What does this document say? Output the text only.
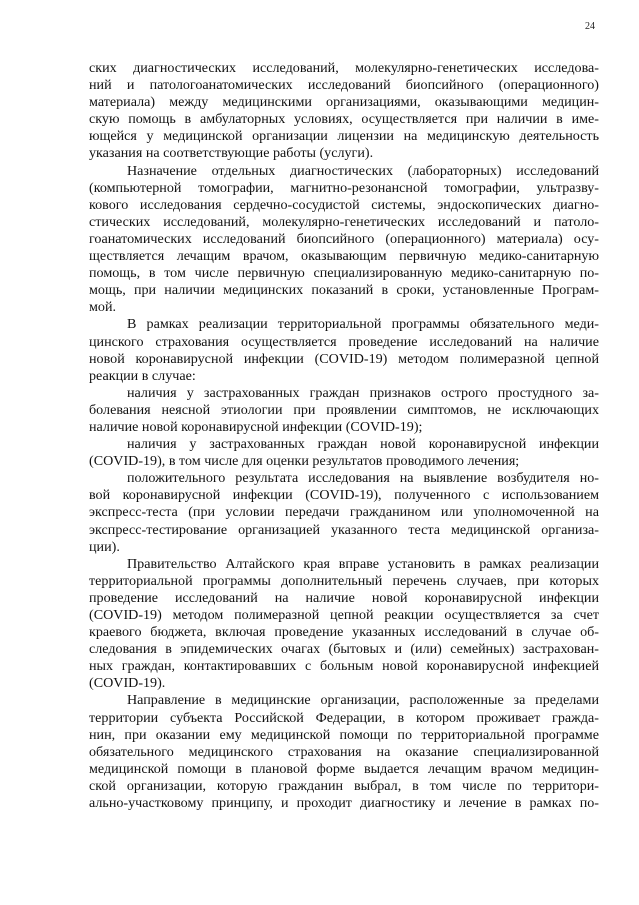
24
ских диагностических исследований, молекулярно-генетических исследова-
ний и патологоанатомических исследований биопсийного (операционного)
материала) между медицинскими организациями, оказывающими медицин-
скую помощь в амбулаторных условиях, осуществляется при наличии в име-
ющейся у медицинской организации лицензии на медицинскую деятельность
указания на соответствующие работы (услуги).
Назначение отдельных диагностических (лабораторных) исследований
(компьютерной томографии, магнитно-резонансной томографии, ультразву-
кового исследования сердечно-сосудистой системы, эндоскопических диагно-
стических исследований, молекулярно-генетических исследований и патоло-
гоанатомических исследований биопсийного (операционного) материала) осу-
ществляется лечащим врачом, оказывающим первичную медико-санитарную
помощь, в том числе первичную специализированную медико-санитарную по-
мощь, при наличии медицинских показаний в сроки, установленные Програм-
мой.
В рамках реализации территориальной программы обязательного меди-
цинского страхования осуществляется проведение исследований на наличие
новой коронавирусной инфекции (COVID-19) методом полимеразной цепной
реакции в случае:
наличия у застрахованных граждан признаков острого простудного за-
болевания неясной этиологии при проявлении симптомов, не исключающих
наличие новой коронавирусной инфекции (COVID-19);
наличия у застрахованных граждан новой коронавирусной инфекции
(COVID-19), в том числе для оценки результатов проводимого лечения;
положительного результата исследования на выявление возбудителя но-
вой коронавирусной инфекции (COVID-19), полученного с использованием
экспресс-теста (при условии передачи гражданином или уполномоченной на
экспресс-тестирование организацией указанного теста медицинской организа-
ции).
Правительство Алтайского края вправе установить в рамках реализации
территориальной программы дополнительный перечень случаев, при которых
проведение исследований на наличие новой коронавирусной инфекции
(COVID-19) методом полимеразной цепной реакции осуществляется за счет
краевого бюджета, включая проведение указанных исследований в случае об-
следования в эпидемических очагах (бытовых и (или) семейных) застрахован-
ных граждан, контактировавших с больным новой коронавирусной инфекцией
(COVID-19).
Направление в медицинские организации, расположенные за пределами
территории субъекта Российской Федерации, в котором проживает гражда-
нин, при оказании ему медицинской помощи по территориальной программе
обязательного медицинского страхования на оказание специализированной
медицинской помощи в плановой форме выдается лечащим врачом медицин-
ской организации, которую гражданин выбрал, в том числе по территори-
ально-участковому принципу, и проходит диагностику и лечение в рамках по-
